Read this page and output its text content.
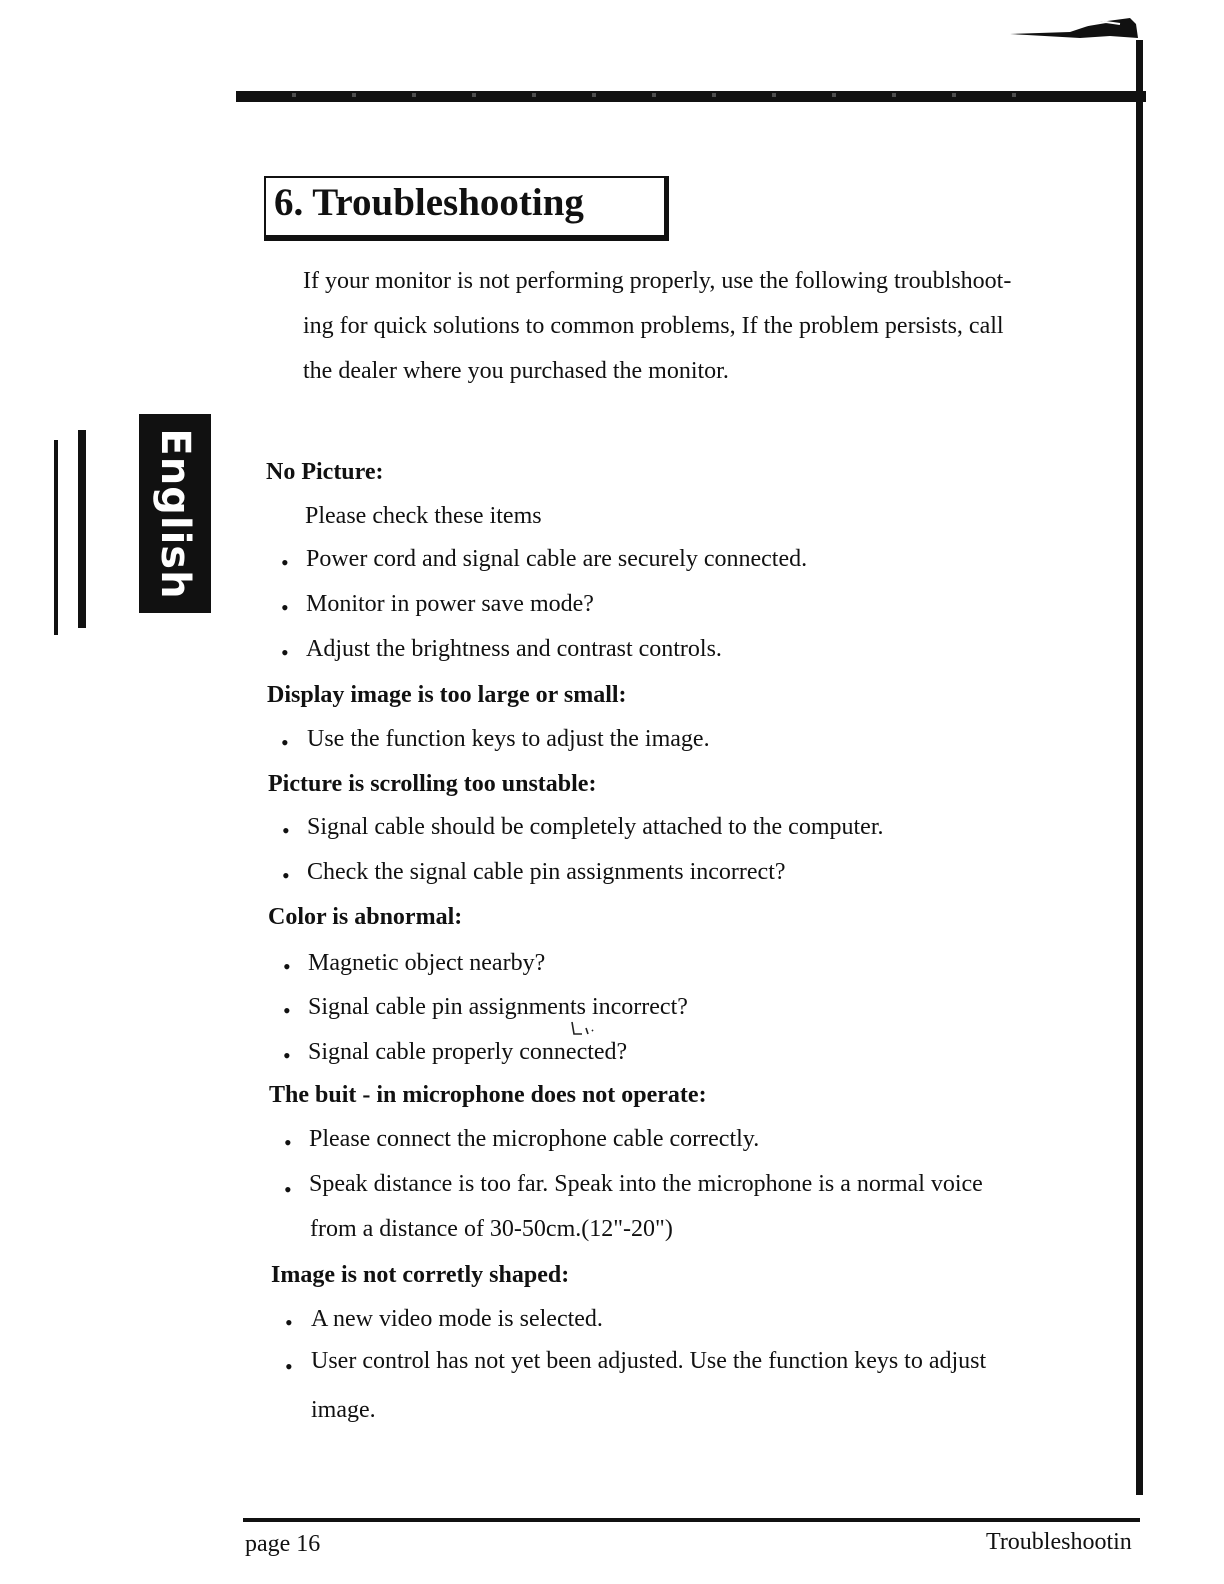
English
6. Troubleshooting
If your monitor is not performing properly, use the following troublshoot-
ing for quick solutions to common problems, If the problem persists, call
the dealer where you purchased the monitor.
No Picture:
Please check these items
• Power cord and signal cable are securely connected.
• Monitor in power save mode?
• Adjust the brightness and contrast controls.
Display image is too large or small:
• Use the function keys to adjust the image.
Picture is scrolling too unstable:
• Signal cable should be completely attached to the computer.
• Check the signal cable pin assignments incorrect?
Color is abnormal:
• Magnetic object nearby?
• Signal cable pin assignments incorrect?
• Signal cable properly connected?
The buit - in microphone does not operate:
• Please connect the microphone cable correctly.
• Speak distance is too far. Speak into the microphone is a normal voice
from a distance of 30-50cm.(12"-20")
Image is not corretly shaped:
• A new video mode is selected.
• User control has not yet been adjusted. Use the function keys to adjust
image.
page 16	Troubleshootin
